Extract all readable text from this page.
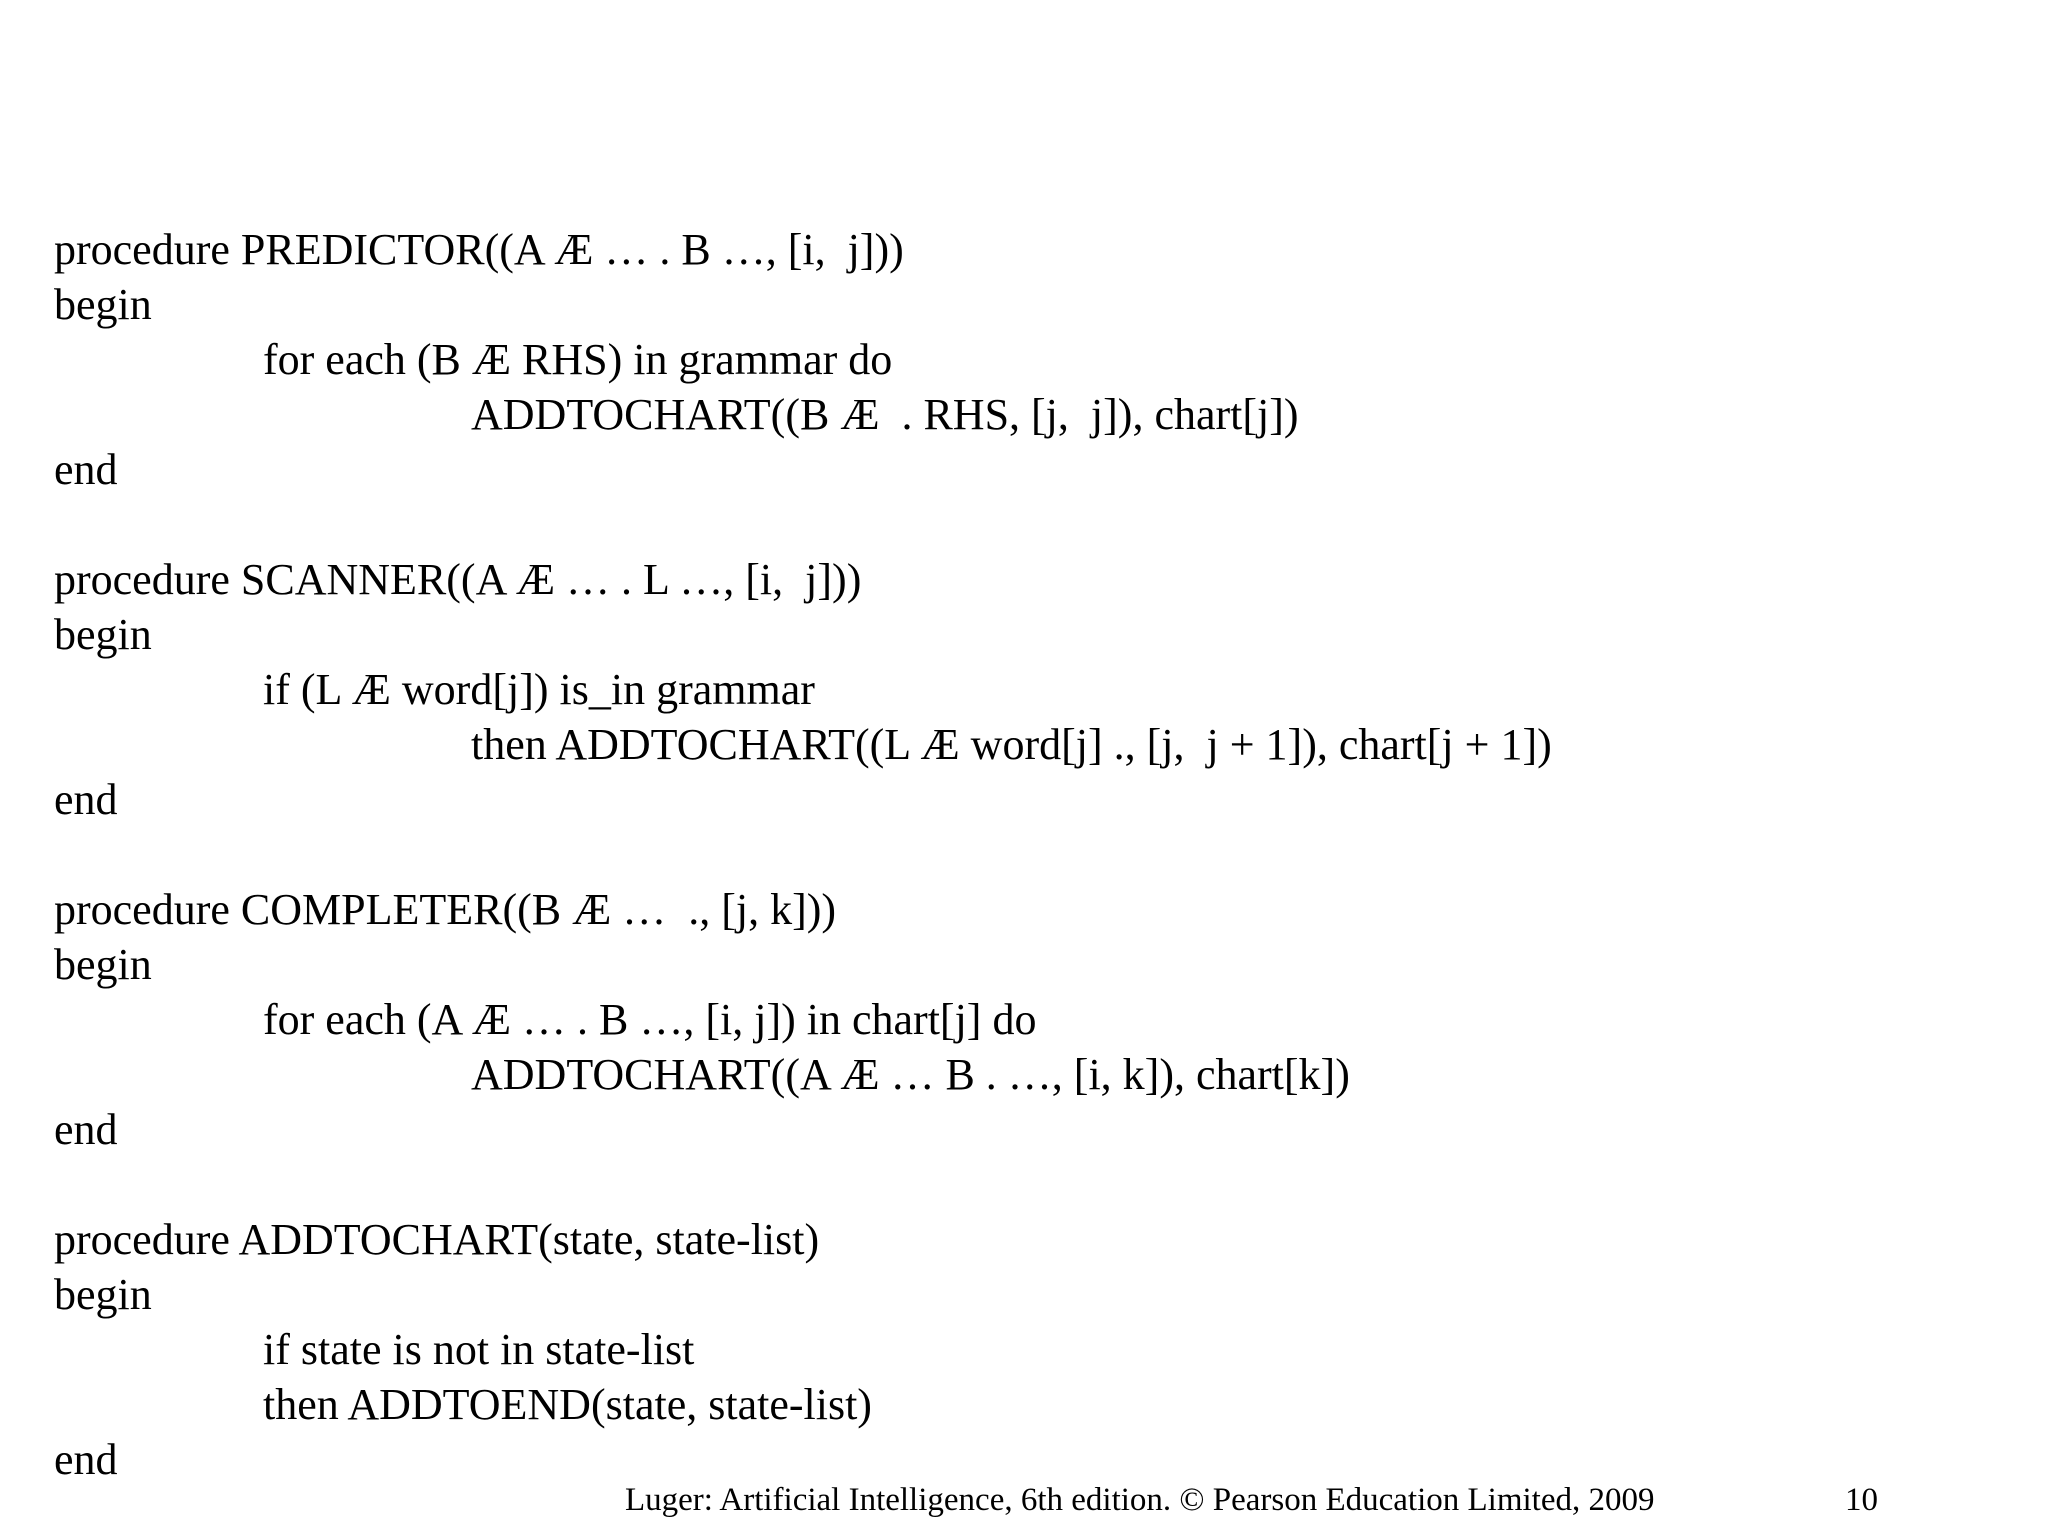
procedure PREDICTOR((A Æ … . B …, [i,  j]))
begin
for each (B Æ RHS) in grammar do
ADDTOCHART((B Æ  . RHS, [j,  j]), chart[j])
end
procedure SCANNER((A Æ … . L …, [i,  j]))
begin
if (L Æ word[j]) is_in grammar
then ADDTOCHART((L Æ word[j] ., [j,  j + 1]), chart[j + 1])
end
procedure COMPLETER((B Æ …  ., [j, k]))
begin
for each (A Æ … . B …, [i, j]) in chart[j] do
ADDTOCHART((A Æ … B . …, [i, k]), chart[k])
end
procedure ADDTOCHART(state, state-list)
begin
if state is not in state-list
then ADDTOEND(state, state-list)
end
Luger: Artificial Intelligence, 6th edition. © Pearson Education Limited, 2009	10
